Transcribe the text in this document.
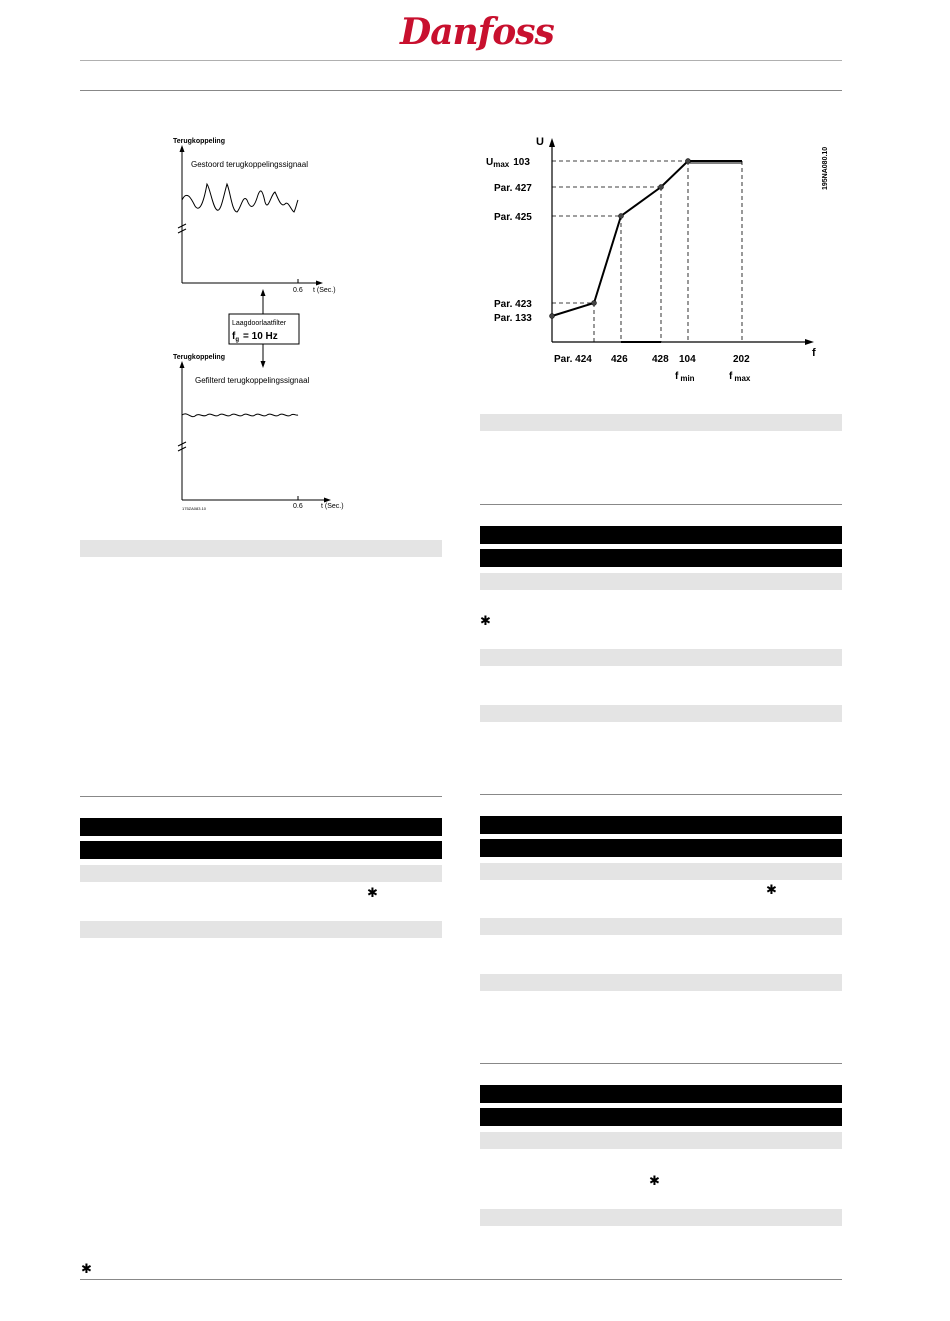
Danfoss
Terugkoppeling
Gestoord terugkoppelingssignaal
0.6 t (Sec.)
Laagdoorlaatfilter
$f_g = 10$ Hz
Terugkoppeling
Gefilterd terugkoppelingssignaal
0.6	t (Sec.)
175ZA083.10
U
f
$U_{max}$ 103
Par. 427
Par. 425
Par. 423
Par. 133
Par. 424 426 428 104	202
f $_{min}$	f $_{max}$
195NA080.10
✱
✱
✱
✱
✱
